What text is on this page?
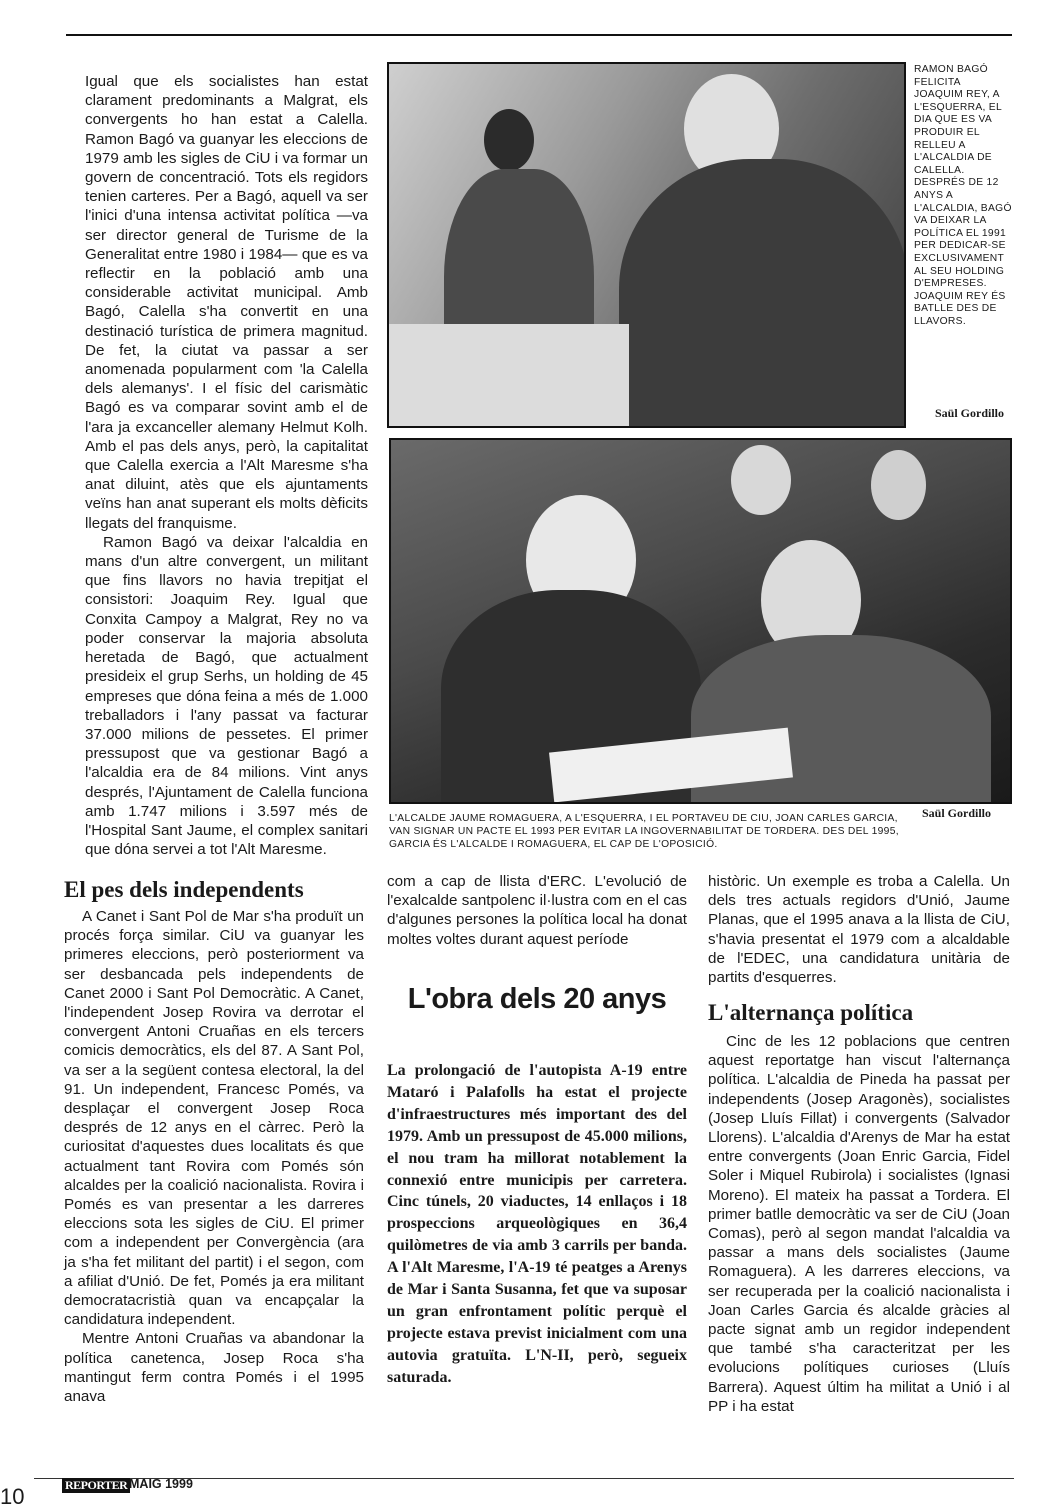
Igual que els socialistes han estat clarament predominants a Malgrat, els convergents ho han estat a Calella. Ramon Bagó va guanyar les eleccions de 1979 amb les sigles de CiU i va formar un govern de concentració. Tots els regidors tenien carteres. Per a Bagó, aquell va ser l'inici d'una intensa activitat política —va ser director general de Turisme de la Generalitat entre 1980 i 1984— que es va reflectir en la població amb una considerable activitat municipal. Amb Bagó, Calella s'ha convertit en una destinació turística de primera magnitud. De fet, la ciutat va passar a ser anomenada popularment com 'la Calella dels alemanys'. I el físic del carismàtic Bagó es va comparar sovint amb el de l'ara ja excanceller alemany Helmut Kolh. Amb el pas dels anys, però, la capitalitat que Calella exercia a l'Alt Maresme s'ha anat diluint, atès que els ajuntaments veïns han anat superant els molts dèficits llegats del franquisme.

Ramon Bagó va deixar l'alcaldia en mans d'un altre convergent, un militant que fins llavors no havia trepitjat el consistori: Joaquim Rey. Igual que Conxita Campoy a Malgrat, Rey no va poder conservar la majoria absoluta heretada de Bagó, que actualment presideix el grup Serhs, un holding de 45 empreses que dóna feina a més de 1.000 treballadors i l'any passat va facturar 37.000 milions de pessetes. El primer pressupost que va gestionar Bagó a l'alcaldia era de 84 milions. Vint anys després, l'Ajuntament de Calella funciona amb 1.747 milions i 3.597 més de l'Hospital Sant Jaume, el complex sanitari que dóna servei a tot l'Alt Maresme.

El pes dels independents

A Canet i Sant Pol de Mar s'ha produït un procés força similar. CiU va guanyar les primeres eleccions, però posteriorment va ser desbancada pels independents de Canet 2000 i Sant Pol Democràtic. A Canet, l'independent Josep Rovira va derrotar el convergent Antoni Cruañas en els tercers comicis democràtics, els del 87. A Sant Pol, va ser a la següent contesa electoral, la del 91. Un independent, Francesc Pomés, va desplaçar el convergent Josep Roca després de 12 anys en el càrrec. Però la curiositat d'aquestes dues localitats és que actualment tant Rovira com Pomés són alcaldes per la coalició nacionalista. Rovira i Pomés es van presentar a les darreres eleccions sota les sigles de CiU. El primer com a independent per Convergència (ara ja s'ha fet militant del partit) i el segon, com a afiliat d'Unió. De fet, Pomés ja era militant democratacristià quan va encapçalar la candidatura independent.

Mentre Antoni Cruañas va abandonar la política canetenca, Josep Roca s'ha mantingut ferm contra Pomés i el 1995 anava

RAMON BAGÓ FELICITA JOAQUIM REY, A L'ESQUERRA, EL DIA QUE ES VA PRODUIR EL RELLEU A L'ALCALDIA DE CALELLA. DESPRÉS DE 12 ANYS A L'ALCALDIA, BAGÓ VA DEIXAR LA POLÍTICA EL 1991 PER DEDICAR-SE EXCLUSIVAMENT AL SEU HOLDING D'EMPRESES. JOAQUIM REY ÉS BATLLE DES DE LLAVORS.
Saül Gordillo
L'ALCALDE JAUME ROMAGUERA, A L'ESQUERRA, I EL PORTAVEU DE CIU, JOAN CARLES GARCIA, VAN SIGNAR UN PACTE EL 1993 PER EVITAR LA INGOVERNABILITAT DE TORDERA. DES DEL 1995, GARCIA ÉS L'ALCALDE I ROMAGUERA, EL CAP DE L'OPOSICIÓ.
Saül Gordillo

com a cap de llista d'ERC. L'evolució de l'exalcalde santpolenc il·lustra com en el cas d'algunes persones la política local ha donat moltes voltes durant aquest període

L'obra dels 20 anys
La prolongació de l'autopista A-19 entre Mataró i Palafolls ha estat el projecte d'infraestructures més important des del 1979. Amb un pressupost de 45.000 milions, el nou tram ha millorat notablement la connexió entre municipis per carretera. Cinc túnels, 20 viaductes, 14 enllaços i 18 prospeccions arqueològiques en 36,4 quilòmetres de via amb 3 carrils per banda. A l'Alt Maresme, l'A-19 té peatges a Arenys de Mar i Santa Susanna, fet que va suposar un gran enfrontament polític perquè el projecte estava previst inicialment com una autovia gratuïta. L'N-II, però, segueix saturada.

històric. Un exemple es troba a Calella. Un dels tres actuals regidors d'Unió, Jaume Planas, que el 1995 anava a la llista de CiU, s'havia presentat el 1979 com a alcaldable de l'EDEC, una candidatura unitària de partits d'esquerres.

L'alternança política

Cinc de les 12 poblacions que centren aquest reportatge han viscut l'alternança política. L'alcaldia de Pineda ha passat per independents (Josep Aragonès), socialistes (Josep Lluís Fillat) i convergents (Salvador Llorens). L'alcaldia d'Arenys de Mar ha estat entre convergents (Joan Enric Garcia, Fidel Soler i Miquel Rubirola) i socialistes (Ignasi Moreno). El mateix ha passat a Tordera. El primer batlle democràtic va ser de CiU (Joan Comas), però al segon mandat l'alcaldia va passar a mans dels socialistes (Jaume Romaguera). A les darreres eleccions, va ser recuperada per la coalició nacionalista i Joan Carles Garcia és alcalde gràcies al pacte signat amb un regidor independent que també s'ha caracteritzat per les evolucions polítiques curioses (Lluís Barrera). Aquest últim ha militat a Unió i al PP i ha estat

10	REPORTER MAIG 1999
